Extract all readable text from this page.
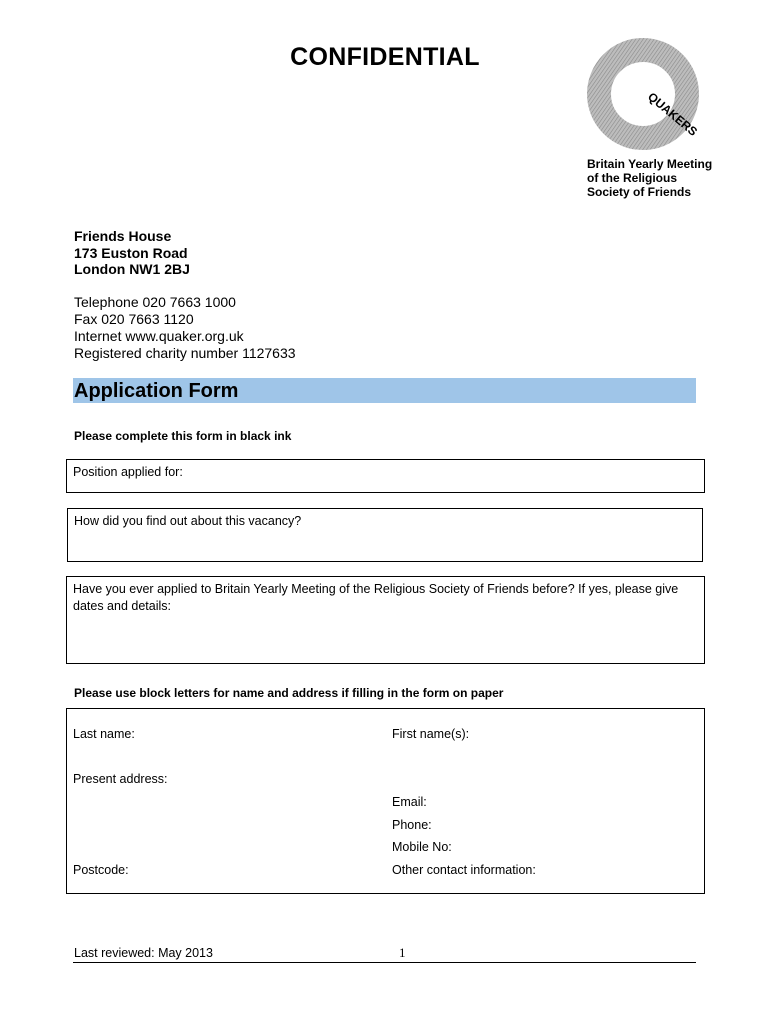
CONFIDENTIAL
QUAKERS
Britain Yearly Meeting
of the Religious
Society of Friends
Friends House
173 Euston Road
London NW1 2BJ
Telephone 020 7663 1000
Fax 020 7663 1120
Internet www.quaker.org.uk
Registered charity number 1127633
Application Form
Please complete this form in black ink
Position applied for:
How did you find out about this vacancy?
Have you ever applied to Britain Yearly Meeting of the Religious Society of Friends before? If yes, please give dates and details:
Please use block letters for name and address if filling in the form on paper
Last name:	First name(s):
Present address:
Email:
Phone:
Mobile No:
Postcode:	Other contact information:
Last reviewed: May 2013	1
